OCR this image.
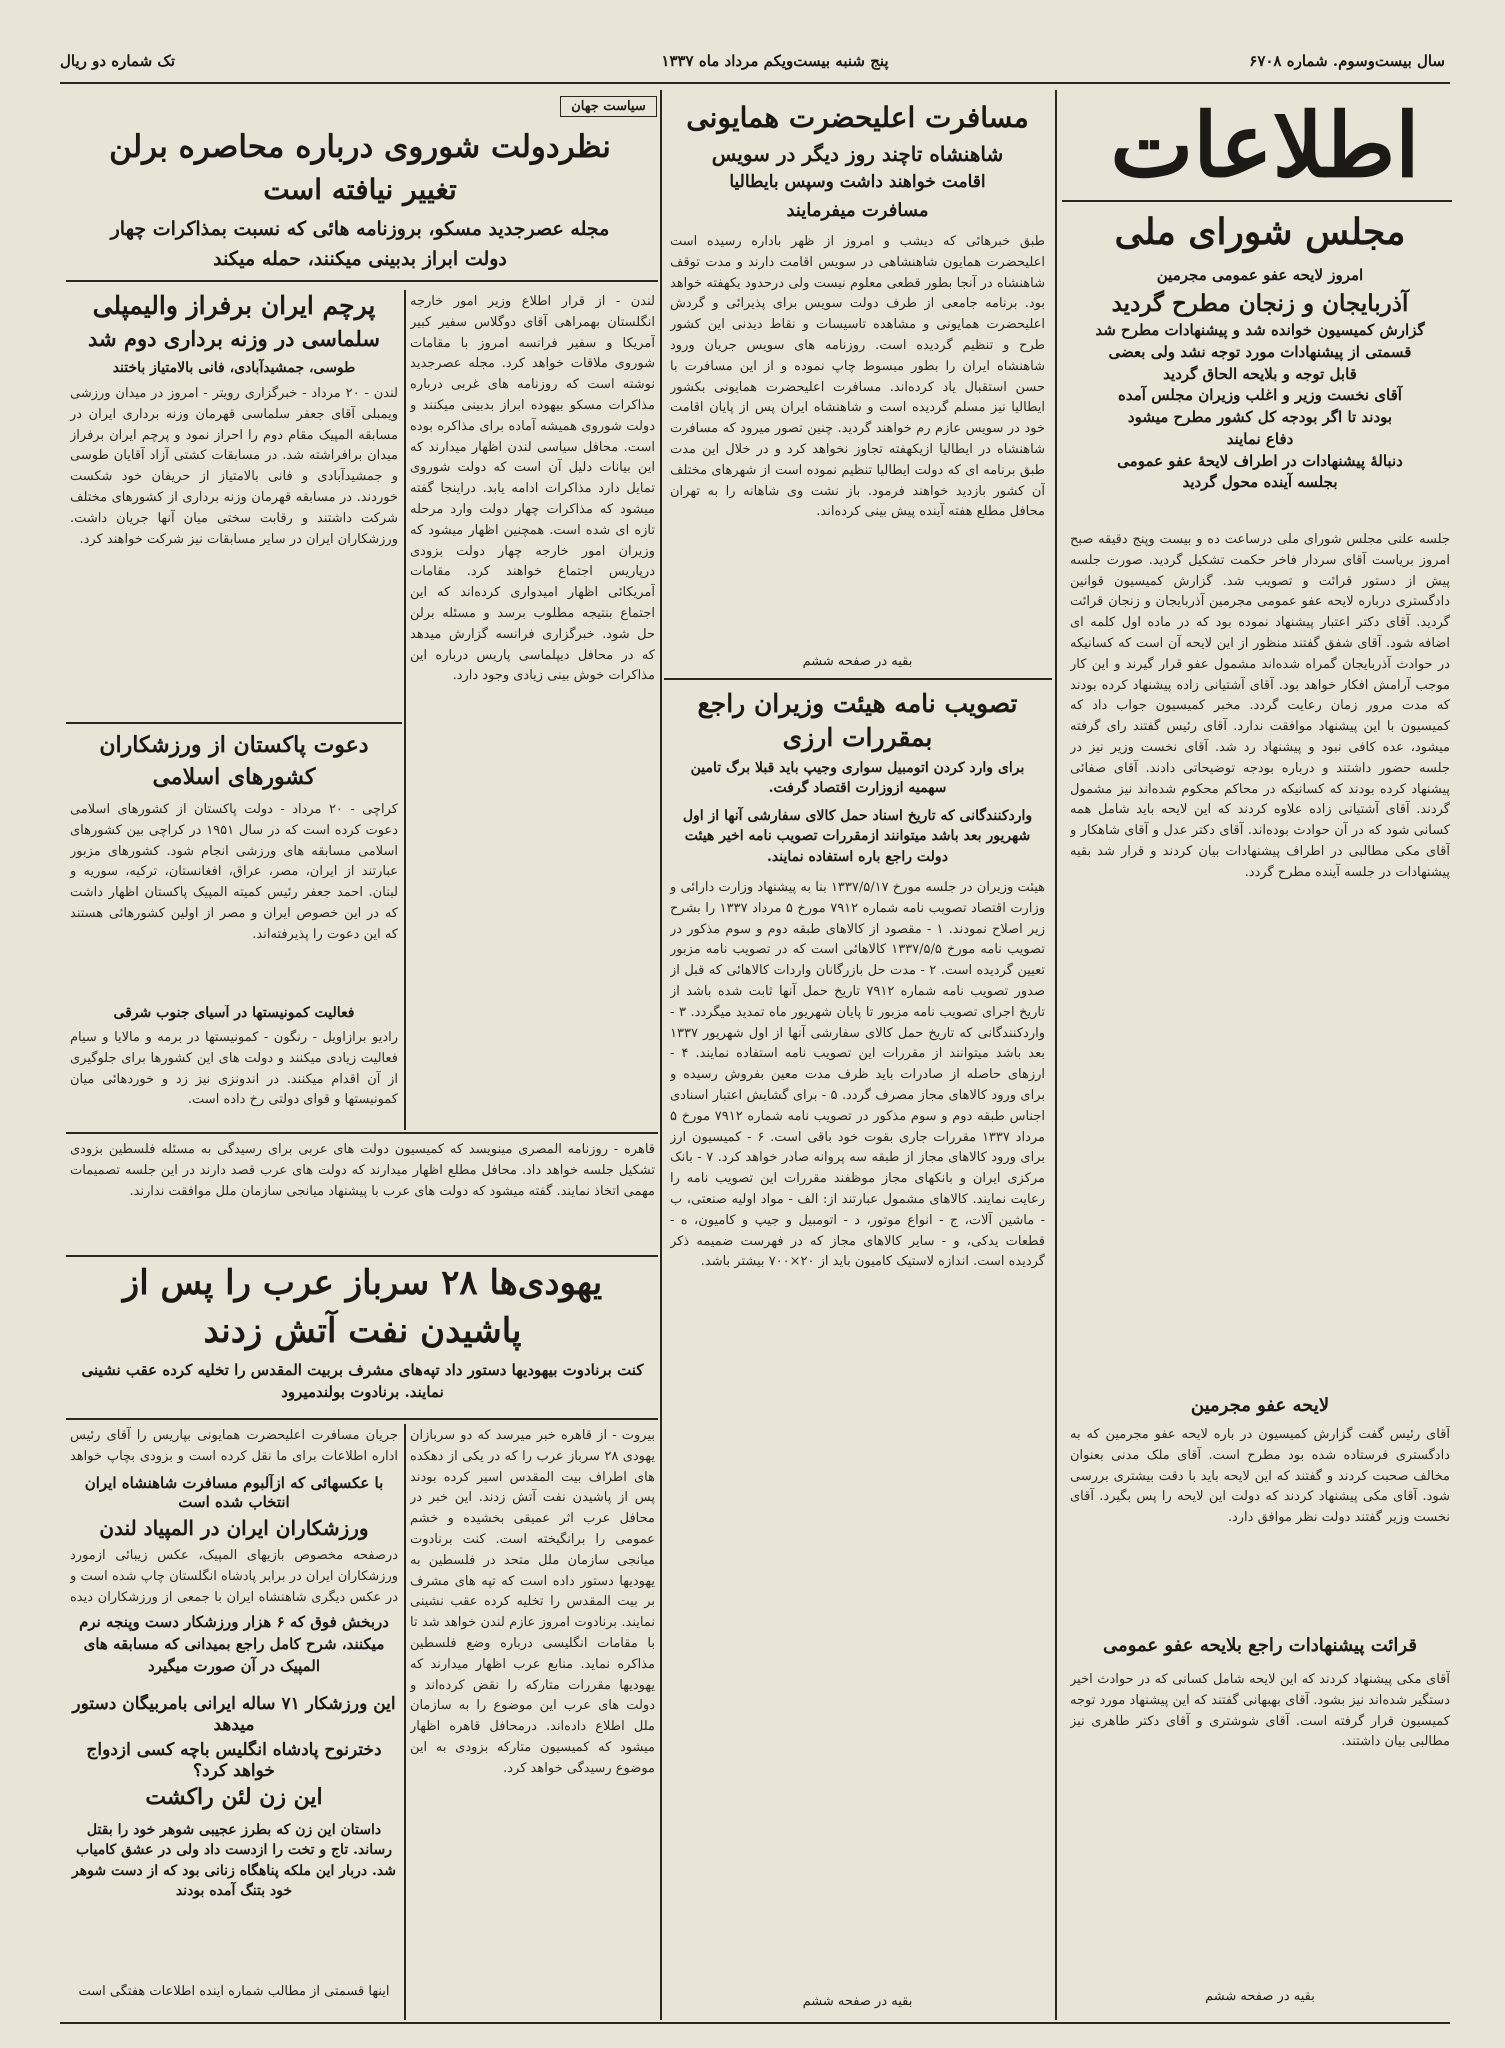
پنج شنبه بیست‌ویکم مرداد ماه ۱۳۳۷	سال بیست‌وسوم. شماره ۶۷۰۸
تک شماره دو ریال
اطلاعات
مجلس شورای ملی
امروز لایحه عفو عمومی مجرمین
آذربایجان و زنجان مطرح گردید
گزارش کمیسیون خوانده شد و پیشنهادات مطرح شد
قسمتی از پیشنهادات مورد توجه نشد ولی بعضی
قابل توجه و بلایحه الحاق گردید
آقای نخست وزیر و اغلب وزیران مجلس آمده
بودند تا اگر بودجه کل کشور مطرح میشود
دفاع نمایند
دنبالهٔ پیشنهادات در اطراف لایحهٔ عفو عمومی
بجلسه آینده محول گردید
جلسه علنی مجلس شورای ملی درساعت ده و بیست وپنج دقیقه صبح امروز بریاست آقای سردار فاخر حکمت تشکیل گردید. صورت جلسه پیش از دستور قرائت و تصویب شد. گزارش کمیسیون قوانین دادگستری درباره لایحه عفو عمومی مجرمین آذربایجان و زنجان قرائت گردید. آقای دکتر اعتبار پیشنهاد نموده بود که در ماده اول کلمه ای اضافه شود. آقای شفق گفتند منظور از این لایحه آن است که کسانیکه در حوادث آذربایجان گمراه شده‌اند مشمول عفو قرار گیرند و این کار موجب آرامش افکار خواهد بود. آقای آشتیانی زاده پیشنهاد کرده بودند که مدت مرور زمان رعایت گردد. مخبر کمیسیون جواب داد که کمیسیون با این پیشنهاد موافقت ندارد. آقای رئیس گفتند رای گرفته میشود، عده کافی نبود و پیشنهاد رد شد. آقای نخست وزیر نیز در جلسه حضور داشتند و درباره بودجه توضیحاتی دادند. آقای صفائی پیشنهاد کرده بودند که کسانیکه در محاکم محکوم شده‌اند نیز مشمول گردند. آقای آشتیانی زاده علاوه کردند که این لایحه باید شامل همه کسانی شود که در آن حوادث بوده‌اند. آقای دکتر عدل و آقای شاهکار و آقای مکی مطالبی در اطراف پیشنهادات بیان کردند و قرار شد بقیه پیشنهادات در جلسه آینده مطرح گردد.
لایحه عفو مجرمین
آقای رئیس گفت گزارش کمیسیون در باره لایحه عفو مجرمین که به دادگستری فرستاده شده بود مطرح است. آقای ملک مدنی بعنوان مخالف صحبت کردند و گفتند که این لایحه باید با دقت بیشتری بررسی شود. آقای مکی پیشنهاد کردند که دولت این لایحه را پس بگیرد. آقای نخست وزیر گفتند دولت نظر موافق دارد.
قرائت پیشنهادات راجع بلایحه عفو عمومی
آقای مکی پیشنهاد کردند که این لایحه شامل کسانی که در حوادث اخیر دستگیر شده‌اند نیز بشود. آقای بهبهانی گفتند که این پیشنهاد مورد توجه کمیسیون قرار گرفته است. آقای شوشتری و آقای دکتر طاهری نیز مطالبی بیان داشتند.
بقیه در صفحه ششم
مسافرت اعلیحضرت همایونی
شاهنشاه تاچند روز دیگر در سویس
اقامت خواهند داشت وسپس بایطالیا
مسافرت میفرمایند
طبق خبرهائی که دیشب و امروز از ظهر باداره رسیده است اعلیحضرت همایون شاهنشاهی در سویس اقامت دارند و مدت توقف شاهنشاه در آنجا بطور قطعی معلوم نیست ولی درحدود یکهفته خواهد بود. برنامه جامعی از طرف دولت سویس برای پذیرائی و گردش اعلیحضرت همایونی و مشاهده تاسیسات و نقاط دیدنی این کشور طرح و تنظیم گردیده است. روزنامه های سویس جریان ورود شاهنشاه ایران را بطور مبسوط چاپ نموده و از این مسافرت با حسن استقبال یاد کرده‌اند. مسافرت اعلیحضرت همایونی بکشور ایطالیا نیز مسلم گردیده است و شاهنشاه ایران پس از پایان اقامت خود در سویس عازم رم خواهند گردید. چنین تصور میرود که مسافرت شاهنشاه در ایطالیا ازیکهفته تجاوز نخواهد کرد و در خلال این مدت طبق برنامه ای که دولت ایطالیا تنظیم نموده است از شهرهای مختلف آن کشور بازدید خواهند فرمود. باز نشت وی شاهانه را به تهران محافل مطلع هفته آینده پیش بینی کرده‌اند.
بقیه در صفحه ششم
تصویب نامه هیئت وزیران راجع
بمقررات ارزی
برای وارد کردن اتومبیل سواری وجیپ باید قبلا برگ تامین سهمیه ازوزارت اقتصاد گرفت.
واردکنندگانی که تاریخ اسناد حمل کالای سفارشی آنها از اول شهریور بعد باشد میتوانند ازمقررات تصویب نامه اخیر هیئت دولت راجع باره استفاده نمایند.
هیئت وزیران در جلسه مورخ ۱۳۳۷/۵/۱۷ بنا به پیشنهاد وزارت دارائی و وزارت اقتصاد تصویب نامه شماره ۷۹۱۲ مورخ ۵ مرداد ۱۳۳۷ را بشرح زیر اصلاح نمودند. ۱ - مقصود از کالاهای طبقه دوم و سوم مذکور در تصویب نامه مورخ ۱۳۳۷/۵/۵ کالاهائی است که در تصویب نامه مزبور تعیین گردیده است. ۲ - مدت حل بازرگانان واردات کالاهائی که قبل از صدور تصویب نامه شماره ۷۹۱۲ تاریخ حمل آنها ثابت شده باشد از تاریخ اجرای تصویب نامه مزبور تا پایان شهریور ماه تمدید میگردد. ۳ - واردکنندگانی که تاریخ حمل کالای سفارشی آنها از اول شهریور ۱۳۳۷ بعد باشد میتوانند از مقررات این تصویب نامه استفاده نمایند. ۴ - ارزهای حاصله از صادرات باید ظرف مدت معین بفروش رسیده و برای ورود کالاهای مجاز مصرف گردد. ۵ - برای گشایش اعتبار اسنادی اجناس طبقه دوم و سوم مذکور در تصویب نامه شماره ۷۹۱۲ مورخ ۵ مرداد ۱۳۳۷ مقررات جاری بقوت خود باقی است. ۶ - کمیسیون ارز برای ورود کالاهای مجاز از طبقه سه پروانه صادر خواهد کرد. ۷ - بانک مرکزی ایران و بانکهای مجاز موظفند مقررات این تصویب نامه را رعایت نمایند. کالاهای مشمول عبارتند از: الف - مواد اولیه صنعتی، ب - ماشین آلات، ج - انواع موتور، د - اتومبیل و جیپ و کامیون، ه - قطعات یدکی، و - سایر کالاهای مجاز که در فهرست ضمیمه ذکر گردیده است. اندازه لاستیک کامیون باید از ۲۰×۷۰۰ بیشتر باشد.
بقیه در صفحه ششم
سیاست جهان
نظردولت شوروی درباره محاصره برلن
تغییر نیافته است
مجله عصرجدید مسکو، بروزنامه هائی که نسبت بمذاکرات چهار
دولت ابراز بدبینی میکنند، حمله میکند
لندن - از قرار اطلاع وزیر امور خارجه انگلستان بهمراهی آقای دوگلاس سفیر کبیر آمریکا و سفیر فرانسه امروز با مقامات شوروی ملاقات خواهد کرد. مجله عصرجدید نوشته است که روزنامه های غربی درباره مذاکرات مسکو بیهوده ابراز بدبینی میکنند و دولت شوروی همیشه آماده برای مذاکره بوده است. محافل سیاسی لندن اظهار میدارند که این بیانات دلیل آن است که دولت شوروی تمایل دارد مذاکرات ادامه یابد. دراینجا گفته میشود که مذاکرات چهار دولت وارد مرحله تازه ای شده است. همچنین اظهار میشود که وزیران امور خارجه چهار دولت بزودی درپاریس اجتماع خواهند کرد. مقامات آمریکائی اظهار امیدواری کرده‌اند که این اجتماع بنتیجه مطلوب برسد و مسئله برلن حل شود. خبرگزاری فرانسه گزارش میدهد که در محافل دیپلماسی پاریس درباره این مذاکرات خوش بینی زیادی وجود دارد.
پرچم ایران برفراز والیمپلی
سلماسی در وزنه برداری دوم شد
طوسی، جمشیدآبادی، فانی بالامتیاز باختند
لندن - ۲۰ مرداد - خبرگزاری رویتر - امروز در میدان ورزشی ویمبلی آقای جعفر سلماسی قهرمان وزنه برداری ایران در مسابقه المپیک مقام دوم را احراز نمود و پرچم ایران برفراز میدان برافراشته شد. در مسابقات کشتی آزاد آقایان طوسی و جمشیدآبادی و فانی بالامتیاز از حریفان خود شکست خوردند. در مسابقه قهرمان وزنه برداری از کشورهای مختلف شرکت داشتند و رقابت سختی میان آنها جریان داشت. ورزشکاران ایران در سایر مسابقات نیز شرکت خواهند کرد.
دعوت پاکستان از ورزشکاران
کشورهای اسلامی
کراچی - ۲۰ مرداد - دولت پاکستان از کشورهای اسلامی دعوت کرده است که در سال ۱۹۵۱ در کراچی بین کشورهای اسلامی مسابقه های ورزشی انجام شود. کشورهای مزبور عبارتند از ایران، مصر، عراق، افغانستان، ترکیه، سوریه و لبنان. احمد جعفر رئیس کمیته المپیک پاکستان اظهار داشت که در این خصوص ایران و مصر از اولین کشورهائی هستند که این دعوت را پذیرفته‌اند.
فعالیت کمونیستها در آسیای جنوب شرقی
رادیو برازاویل - رنگون - کمونیستها در برمه و مالایا و سیام فعالیت زیادی میکنند و دولت های این کشورها برای جلوگیری از آن اقدام میکنند. در اندونزی نیز زد و خوردهائی میان کمونیستها و قوای دولتی رخ داده است.
قاهره - روزنامه المصری مینویسد که کمیسیون دولت های عربی برای رسیدگی به مسئله فلسطین بزودی تشکیل جلسه خواهد داد. محافل مطلع اظهار میدارند که دولت های عرب قصد دارند در این جلسه تصمیمات مهمی اتخاذ نمایند. گفته میشود که دولت های عرب با پیشنهاد میانجی سازمان ملل موافقت ندارند.
یهودی‌ها ۲۸ سرباز عرب را پس از
پاشیدن نفت آتش زدند
کنت برنادوت بیهودیها دستور داد تپه‌های مشرف بربیت المقدس را تخلیه کرده عقب نشینی نمایند. برنادوت بولندمیرود
بیروت - از قاهره خبر میرسد که دو سربازان یهودی ۲۸ سرباز عرب را که در یکی از دهکده های اطراف بیت المقدس اسیر کرده بودند پس از پاشیدن نفت آتش زدند. این خبر در محافل عرب اثر عمیقی بخشیده و خشم عمومی را برانگیخته است. کنت برنادوت میانجی سازمان ملل متحد در فلسطین به یهودیها دستور داده است که تپه های مشرف بر بیت المقدس را تخلیه کرده عقب نشینی نمایند. برنادوت امروز عازم لندن خواهد شد تا با مقامات انگلیسی درباره وضع فلسطین مذاکره نماید. منابع عرب اظهار میدارند که یهودیها مقررات متارکه را نقض کرده‌اند و دولت های عرب این موضوع را به سازمان ملل اطلاع داده‌اند. درمحافل قاهره اظهار میشود که کمیسیون متارکه بزودی به این موضوع رسیدگی خواهد کرد.
جریان مسافرت اعلیحضرت همایونی بپاریس را آقای رئیس اداره اطلاعات برای ما نقل کرده است و بزودی بچاپ خواهد
با عکسهائی که ازآلبوم مسافرت شاهنشاه ایران انتخاب شده است
ورزشکاران ایران در المپیاد لندن
درصفحه مخصوص بازیهای المپیک، عکس زیبائی ازمورد ورزشکاران ایران در برابر پادشاه انگلستان چاپ شده است و در عکس دیگری شاهنشاه ایران با جمعی از ورزشکاران دیده
دربخش فوق که ۶ هزار ورزشکار دست وپنجه نرم میکنند، شرح کامل راجع بمیدانی که مسابقه های المپیک در آن صورت میگیرد
این ورزشکار ۷۱ ساله ایرانی بامربیگان دستور میدهد
دخترنوح پادشاه انگلیس باچه کسی ازدواج خواهد کرد؟
این زن لئن راکشت
داستان این زن که بطرز عجیبی شوهر خود را بقتل رساند. تاج و تخت را ازدست داد ولی در عشق کامیاب شد. دربار این ملکه پناهگاه زنانی بود که از دست شوهر خود بتنگ آمده بودند
اینها قسمتی از مطالب شماره آینده اطلاعات هفتگی است
